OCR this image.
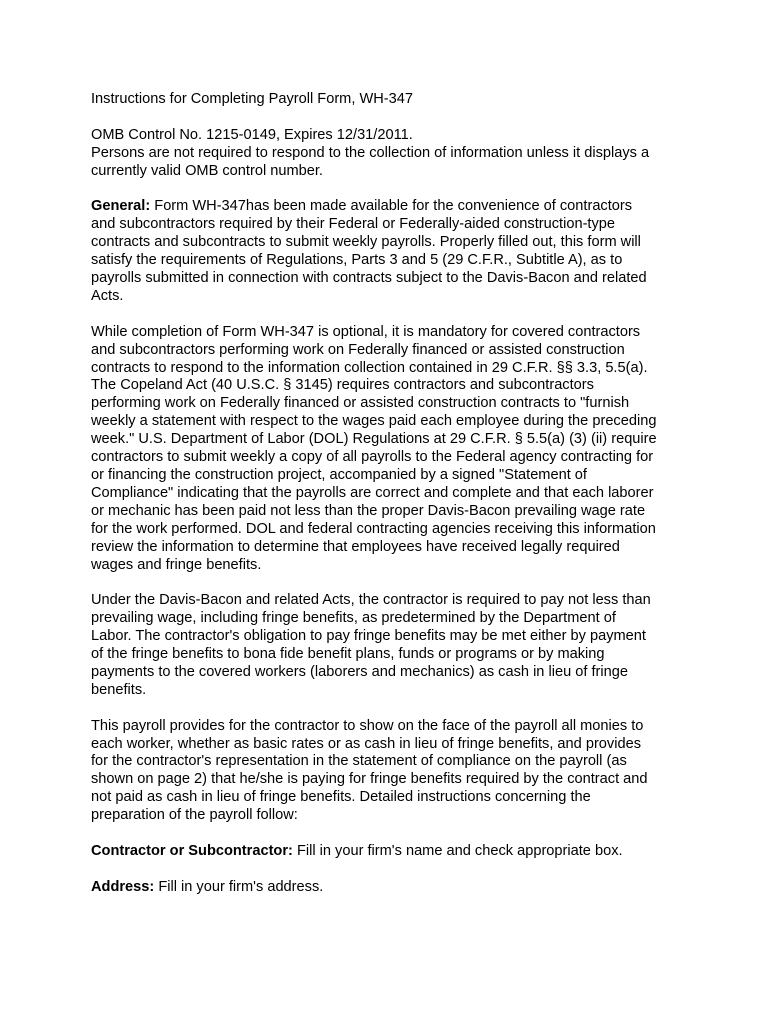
Instructions for Completing Payroll Form, WH-347

OMB Control No. 1215-0149, Expires 12/31/2011.
Persons are not required to respond to the collection of information unless it displays a
currently valid OMB control number.

General: Form WH-347has been made available for the convenience of contractors
and subcontractors required by their Federal or Federally-aided construction-type
contracts and subcontracts to submit weekly payrolls. Properly filled out, this form will
satisfy the requirements of Regulations, Parts 3 and 5 (29 C.F.R., Subtitle A), as to
payrolls submitted in connection with contracts subject to the Davis-Bacon and related
Acts.

While completion of Form WH-347 is optional, it is mandatory for covered contractors
and subcontractors performing work on Federally financed or assisted construction
contracts to respond to the information collection contained in 29 C.F.R. §§ 3.3, 5.5(a).
The Copeland Act (40 U.S.C. § 3145) requires contractors and subcontractors
performing work on Federally financed or assisted construction contracts to "furnish
weekly a statement with respect to the wages paid each employee during the preceding
week." U.S. Department of Labor (DOL) Regulations at 29 C.F.R. § 5.5(a) (3) (ii) require
contractors to submit weekly a copy of all payrolls to the Federal agency contracting for
or financing the construction project, accompanied by a signed "Statement of
Compliance" indicating that the payrolls are correct and complete and that each laborer
or mechanic has been paid not less than the proper Davis-Bacon prevailing wage rate
for the work performed. DOL and federal contracting agencies receiving this information
review the information to determine that employees have received legally required
wages and fringe benefits.

Under the Davis-Bacon and related Acts, the contractor is required to pay not less than
prevailing wage, including fringe benefits, as predetermined by the Department of
Labor. The contractor's obligation to pay fringe benefits may be met either by payment
of the fringe benefits to bona fide benefit plans, funds or programs or by making
payments to the covered workers (laborers and mechanics) as cash in lieu of fringe
benefits.

This payroll provides for the contractor to show on the face of the payroll all monies to
each worker, whether as basic rates or as cash in lieu of fringe benefits, and provides
for the contractor's representation in the statement of compliance on the payroll (as
shown on page 2) that he/she is paying for fringe benefits required by the contract and
not paid as cash in lieu of fringe benefits. Detailed instructions concerning the
preparation of the payroll follow:

Contractor or Subcontractor: Fill in your firm's name and check appropriate box.

Address: Fill in your firm's address.
